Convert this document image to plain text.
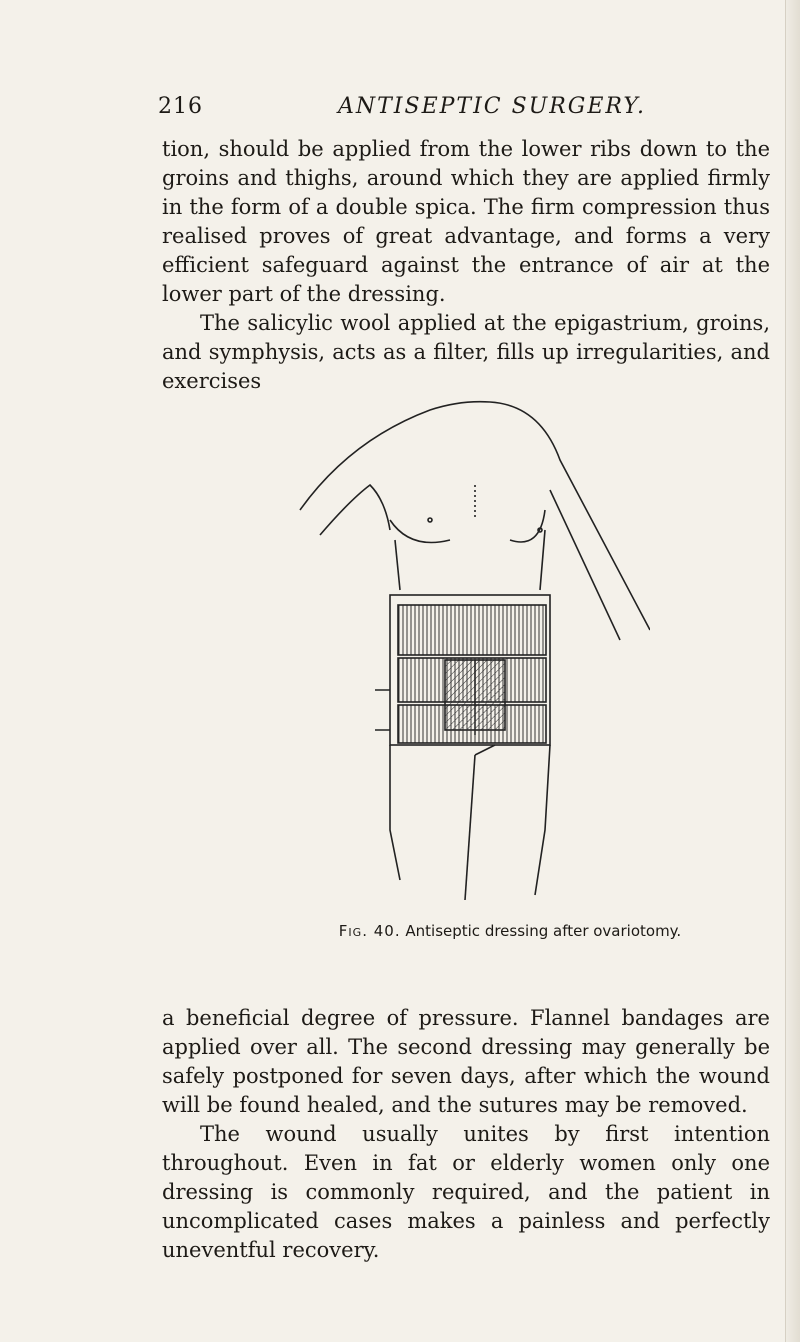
216	ANTISEPTIC SURGERY.

tion, should be applied from the lower ribs down to the groins and thighs, around which they are applied firmly in the form of a double spica. The firm compression thus realised proves of great advantage, and forms a very efficient safeguard against the entrance of air at the lower part of the dressing.

The salicylic wool applied at the epigastrium, groins, and symphysis, acts as a filter, fills up irregularities, and exercises

Fig. 40. Antiseptic dressing after ovariotomy.

a beneficial degree of pressure. Flannel bandages are applied over all. The second dressing may generally be safely postponed for seven days, after which the wound will be found healed, and the sutures may be removed.

The wound usually unites by first intention throughout. Even in fat or elderly women only one dressing is commonly required, and the patient in uncomplicated cases makes a painless and perfectly uneventful recovery.
